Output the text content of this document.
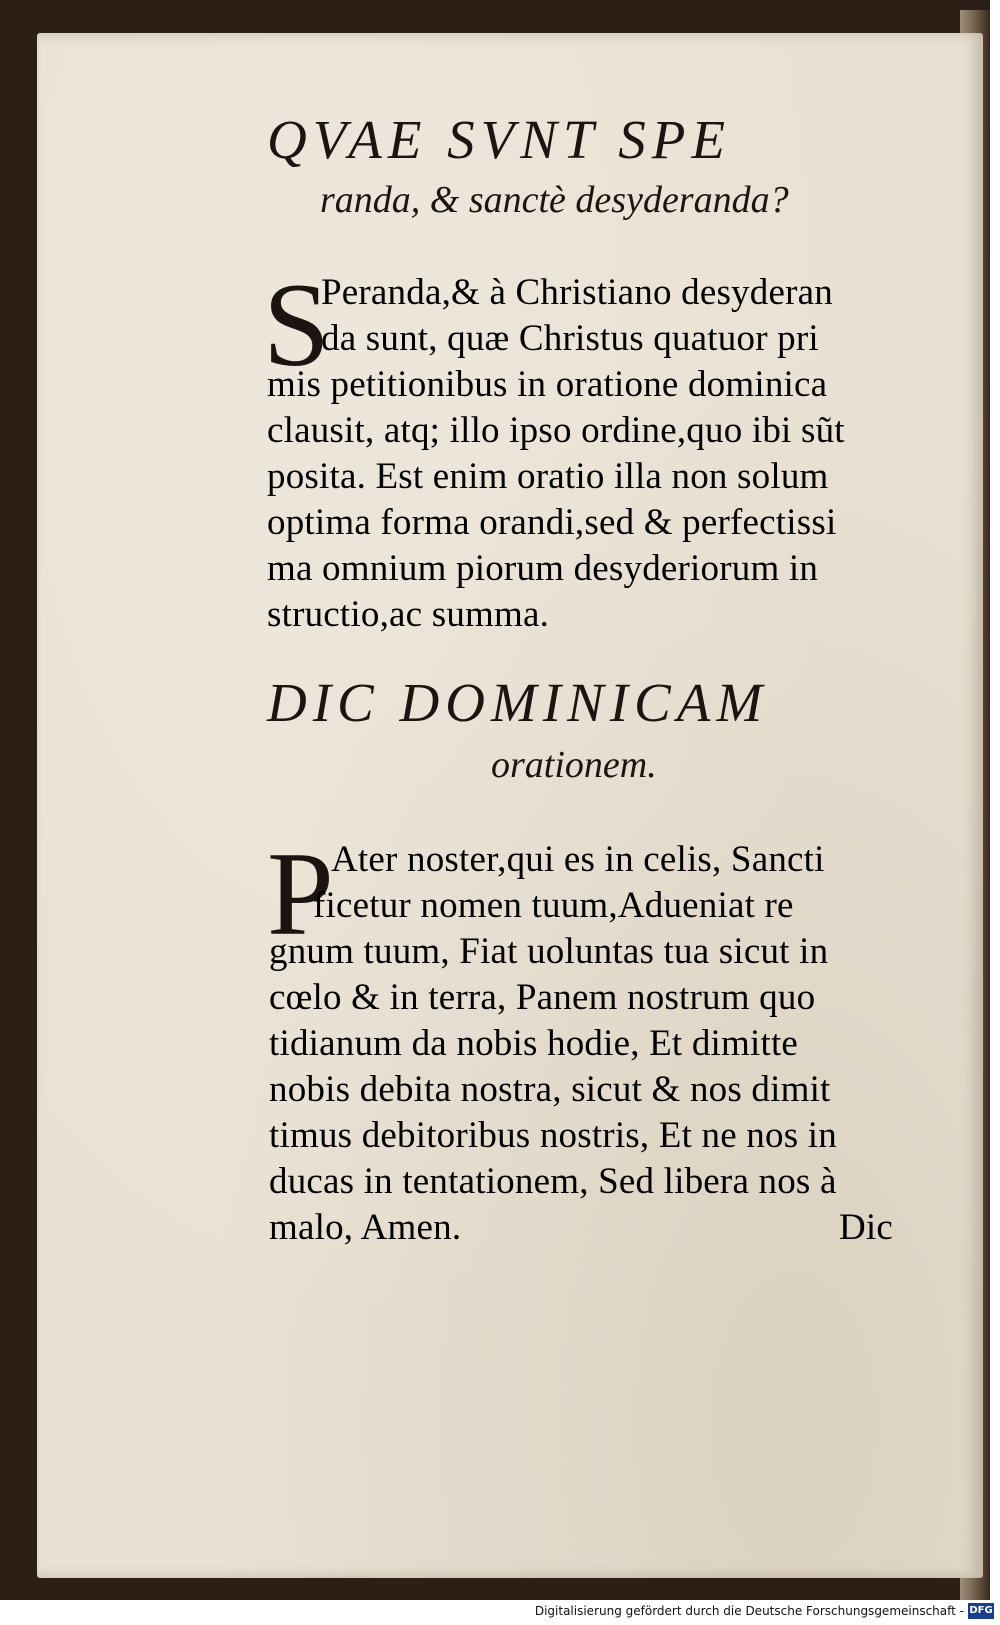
QVAE SVNT SPE
randa, & sanctè desyderanda?
S
Peranda,& à Christiano desyderan
da sunt, quæ Christus quatuor pri
mis petitionibus in oratione dominica
clausit, atq; illo ipso ordine,quo ibi sũt
posita. Est enim oratio illa non solum
optima forma orandi,sed & perfectissi
ma omnium piorum desyderiorum in
structio,ac summa.
DIC DOMINICAM
orationem.
P
Ater noster,qui es in celis, Sancti
ficetur nomen tuum,Adueniat re
gnum tuum, Fiat uoluntas tua sicut in
cœlo & in terra, Panem nostrum quo
tidianum da nobis hodie, Et dimitte
nobis debita nostra, sicut & nos dimit
timus debitoribus nostris, Et ne nos in
ducas in tentationem, Sed libera nos à
malo, Amen.	Dic
Digitalisierung gefördert durch die Deutsche Forschungsgemeinschaft - DFG
